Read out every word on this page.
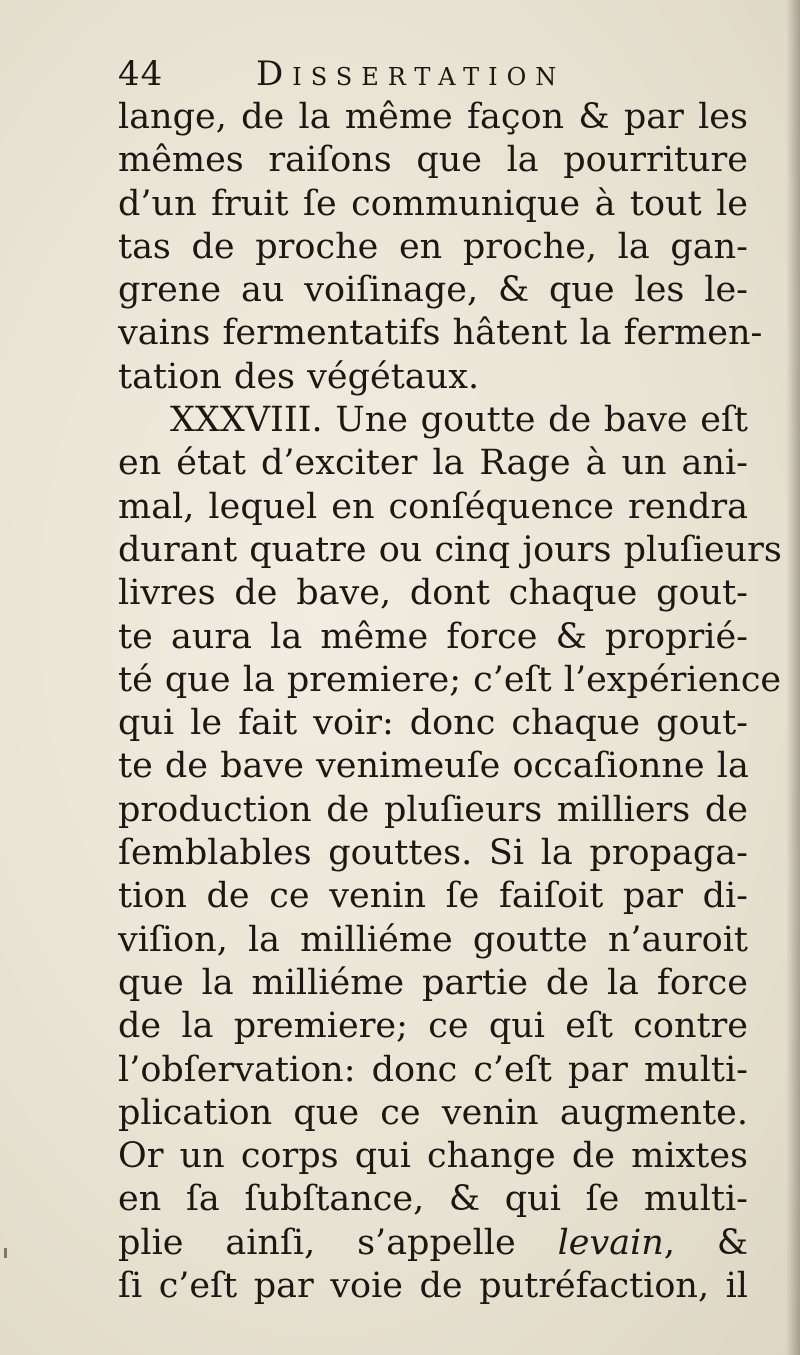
44	Dissertation
lange, de la même façon & par les
mêmes raiſons que la pourriture
d’un fruit ſe communique à tout le
tas de proche en proche, la gan-
grene au voiſinage, & que les le-
vains fermentatifs hâtent la fermen-
tation des végétaux.
XXXVIII. Une goutte de bave eſt
en état d’exciter la Rage à un ani-
mal, lequel en conſéquence rendra
durant quatre ou cinq jours pluſieurs
livres de bave, dont chaque gout-
te aura la même force & proprié-
té que la premiere; c’eſt l’expérience
qui le fait voir: donc chaque gout-
te de bave venimeuſe occaſionne la
production de pluſieurs milliers de
ſemblables gouttes. Si la propaga-
tion de ce venin ſe faiſoit par di-
viſion, la milliéme goutte n’auroit
que la milliéme partie de la force
de la premiere; ce qui eſt contre
l’obſervation: donc c’eſt par multi-
plication que ce venin augmente.
Or un corps qui change de mixtes
en ſa ſubſtance, & qui ſe multi-
plie ainſi, s’appelle levain, &
ſi c’eſt par voie de putréfaction, il
